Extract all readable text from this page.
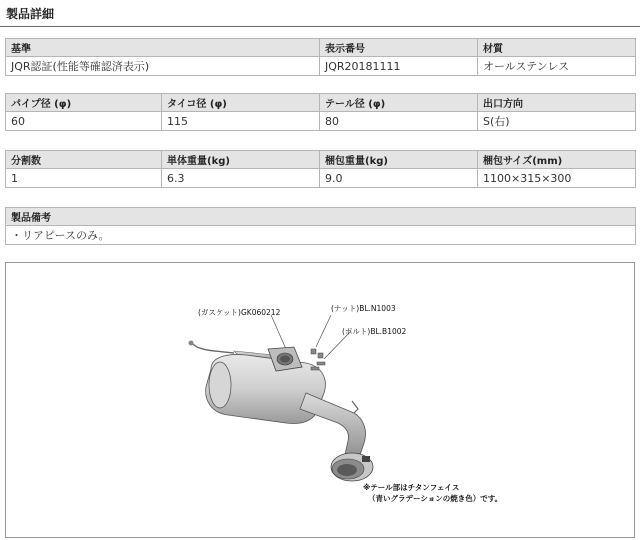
製品詳細
基準	表示番号	材質
JQR認証(性能等確認済表示)	JQR20181111	オールステンレス
パイプ径 (φ)	タイコ径 (φ)	テール径 (φ)	出口方向
60	115	80	S(右)
分割数	単体重量(kg)	梱包重量(kg)	梱包サイズ(mm)
1	6.3	9.0	1100×315×300
製品備考
・リアピースのみ。
(ガスケット)GK060212	(ナット)BL.N1003
(ボルト)BL.B1002
※テール部はチタンフェイス
（青いグラデーションの焼き色）です。
